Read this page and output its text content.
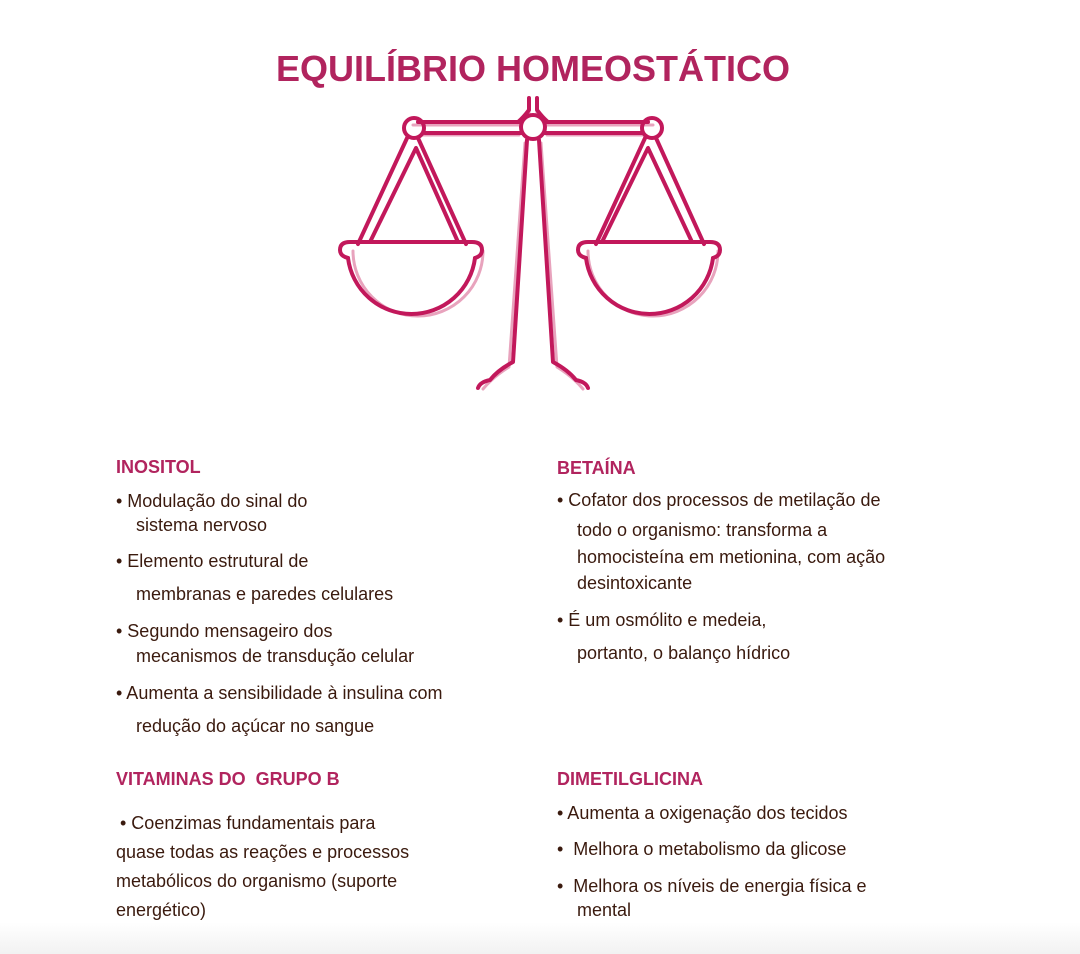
EQUILÍBRIO HOMEOSTÁTICO
INOSITOL
• Modulação do sinal do
sistema nervoso
• Elemento estrutural de
membranas e paredes celulares
• Segundo mensageiro dos
mecanismos de transdução celular
• Aumenta a sensibilidade à insulina com
redução do açúcar no sangue
BETAÍNA
• Cofator dos processos de metilação de
todo o organismo: transforma a
homocisteína em metionina, com ação
desintoxicante
• É um osmólito e medeia,
portanto, o balanço hídrico
VITAMINAS DO  GRUPO B
• Coenzimas fundamentais para
quase todas as reações e processos
metabólicos do organismo (suporte
energético)
DIMETILGLICINA
• Aumenta a oxigenação dos tecidos
•  Melhora o metabolismo da glicose
•  Melhora os níveis de energia física e
mental
